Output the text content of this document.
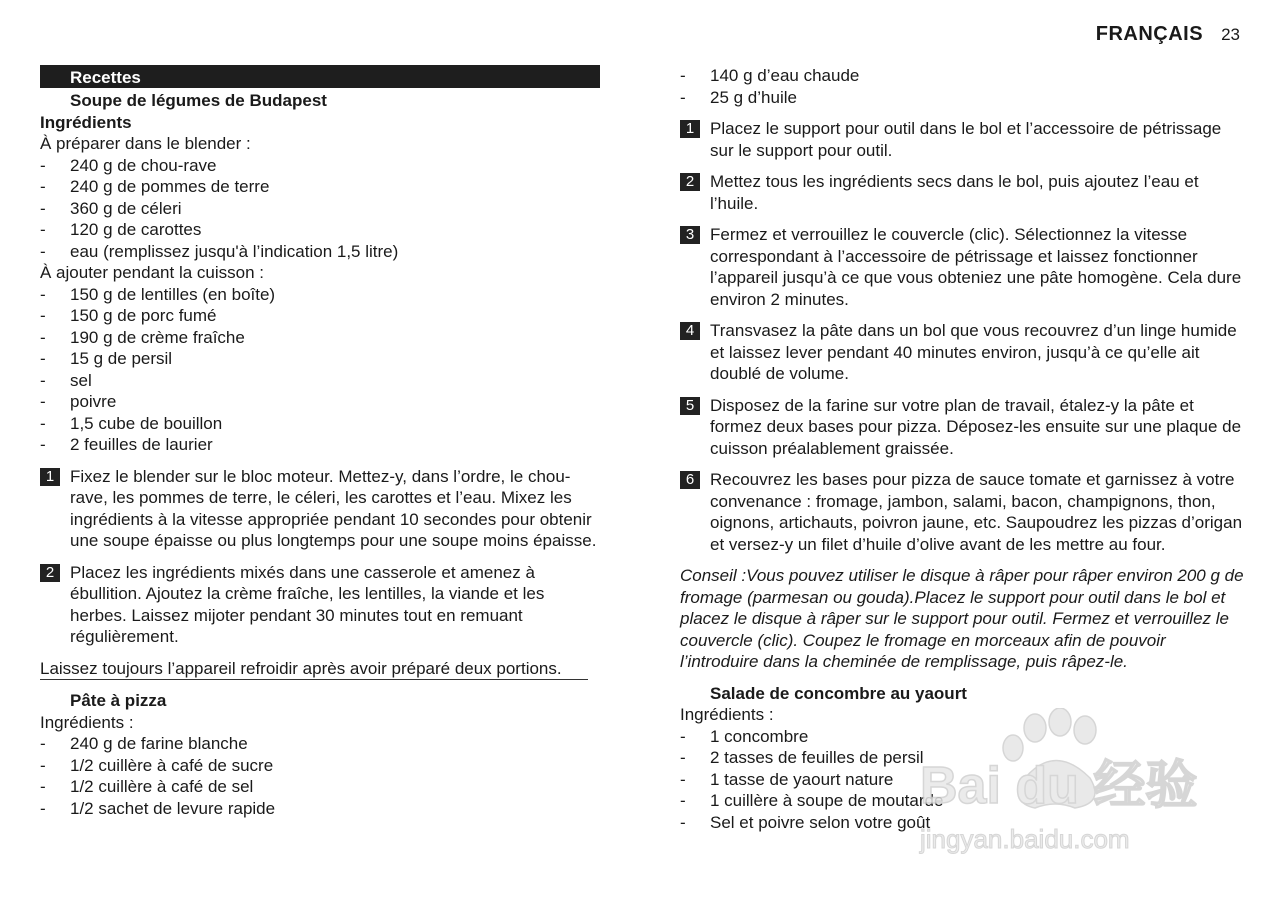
FRANÇAIS 23
Recettes
Soupe de légumes de Budapest
Ingrédients
À préparer dans le blender :
- 240 g de chou-rave
- 240 g de pommes de terre
- 360 g de céleri
- 120 g de carottes
- eau (remplissez jusqu'à l’indication 1,5 litre)
À ajouter pendant la cuisson :
- 150 g de lentilles (en boîte)
- 150 g de porc fumé
- 190 g de crème fraîche
- 15 g de persil
- sel
- poivre
- 1,5 cube de bouillon
- 2 feuilles de laurier
1 Fixez le blender sur le bloc moteur. Mettez-y, dans l’ordre, le chou-rave, les pommes de terre, le céleri, les carottes et l’eau. Mixez les ingrédients à la vitesse appropriée pendant 10 secondes pour obtenir une soupe épaisse ou plus longtemps pour une soupe moins épaisse.
2 Placez les ingrédients mixés dans une casserole et amenez à ébullition. Ajoutez la crème fraîche, les lentilles, la viande et les herbes. Laissez mijoter pendant 30 minutes tout en remuant régulièrement.
Laissez toujours l’appareil refroidir après avoir préparé deux portions.
Pâte à pizza
Ingrédients :
- 240 g de farine blanche
- 1/2 cuillère à café de sucre
- 1/2 cuillère à café de sel
- 1/2 sachet de levure rapide
- 140 g d’eau chaude
- 25 g d’huile
1 Placez le support pour outil dans le bol et l’accessoire de pétrissage sur le support pour outil.
2 Mettez tous les ingrédients secs dans le bol, puis ajoutez l’eau et l’huile.
3 Fermez et verrouillez le couvercle (clic). Sélectionnez la vitesse correspondant à l’accessoire de pétrissage et laissez fonctionner l’appareil jusqu’à ce que vous obteniez une pâte homogène. Cela dure environ 2 minutes.
4 Transvasez la pâte dans un bol que vous recouvrez d’un linge humide et laissez lever pendant 40 minutes environ, jusqu’à ce qu’elle ait doublé de volume.
5 Disposez de la farine sur votre plan de travail, étalez-y la pâte et formez deux bases pour pizza. Déposez-les ensuite sur une plaque de cuisson préalablement graissée.
6 Recouvrez les bases pour pizza de sauce tomate et garnissez à votre convenance : fromage, jambon, salami, bacon, champignons, thon, oignons, artichauts, poivron jaune, etc. Saupoudrez les pizzas d’origan et versez-y un filet d’huile d’olive avant de les mettre au four.
Conseil :Vous pouvez utiliser le disque à râper pour râper environ 200 g de fromage (parmesan ou gouda).Placez le support pour outil dans le bol et placez le disque à râper sur le support pour outil. Fermez et verrouillez le couvercle (clic). Coupez le fromage en morceaux afin de pouvoir l’introduire dans la cheminée de remplissage, puis râpez-le.
Salade de concombre au yaourt
Ingrédients :
- 1 concombre
- 2 tasses de feuilles de persil
- 1 tasse de yaourt nature
- 1 cuillère à soupe de moutarde
- Sel et poivre selon votre goût
Bai du 经验
jingyan.baidu.com
